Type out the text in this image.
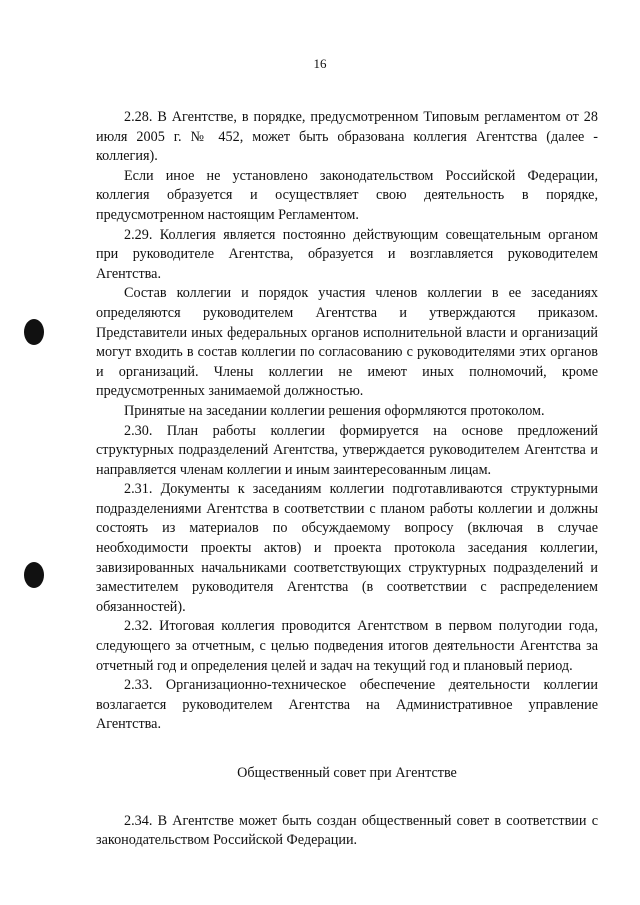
16

2.28. В Агентстве, в порядке, предусмотренном Типовым регламентом от 28 июля 2005 г. № 452, может быть образована коллегия Агентства (далее - коллегия).

Если иное не установлено законодательством Российской Федерации, коллегия образуется и осуществляет свою деятельность в порядке, предусмотренном настоящим Регламентом.

2.29. Коллегия является постоянно действующим совещательным органом при руководителе Агентства, образуется и возглавляется руководителем Агентства.

Состав коллегии и порядок участия членов коллегии в ее заседаниях определяются руководителем Агентства и утверждаются приказом. Представители иных федеральных органов исполнительной власти и организаций могут входить в состав коллегии по согласованию с руководителями этих органов и организаций. Члены коллегии не имеют иных полномочий, кроме предусмотренных занимаемой должностью.

Принятые на заседании коллегии решения оформляются протоколом.

2.30. План работы коллегии формируется на основе предложений структурных подразделений Агентства, утверждается руководителем Агентства и направляется членам коллегии и иным заинтересованным лицам.

2.31. Документы к заседаниям коллегии подготавливаются структурными подразделениями Агентства в соответствии с планом работы коллегии и должны состоять из материалов по обсуждаемому вопросу (включая в случае необходимости проекты актов) и проекта протокола заседания коллегии, завизированных начальниками соответствующих структурных подразделений и заместителем руководителя Агентства (в соответствии с распределением обязанностей).

2.32. Итоговая коллегия проводится Агентством в первом полугодии года, следующего за отчетным, с целью подведения итогов деятельности Агентства за отчетный год и определения целей и задач на текущий год и плановый период.

2.33. Организационно-техническое обеспечение деятельности коллегии возлагается руководителем Агентства на Административное управление Агентства.

Общественный совет при Агентстве

2.34. В Агентстве может быть создан общественный совет в соответствии с законодательством Российской Федерации.
